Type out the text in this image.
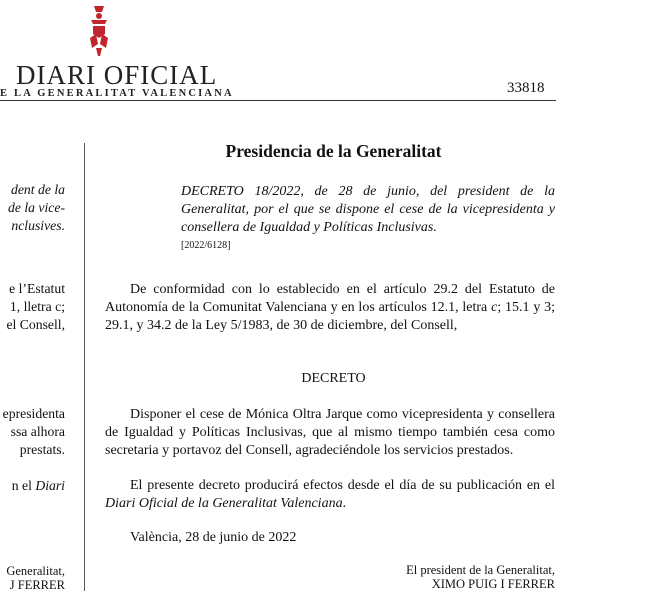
DIARI OFICIAL
E LA GENERALITAT VALENCIANA	33818
dent de la
de la vice-
nclusives.
e l’Estatut
1, lletra c;
el Consell,
epresidenta
ssa alhora
prestats.
n el Diari
Generalitat,
J FERRER
Presidencia de la Generalitat
DECRETO 18/2022, de 28 de junio, del president de la Generalitat, por el que se dispone el cese de la vicepresidenta y consellera de Igualdad y Políticas Inclusivas.
[2022/6128]
De conformidad con lo establecido en el artículo 29.2 del Estatuto de Autonomía de la Comunitat Valenciana y en los artículos 12.1, letra c; 15.1 y 3; 29.1, y 34.2 de la Ley 5/1983, de 30 de diciembre, del Consell,
DECRETO
Disponer el cese de Mónica Oltra Jarque como vicepresidenta y consellera de Igualdad y Políticas Inclusivas, que al mismo tiempo también cesa como secretaria y portavoz del Consell, agradeciéndole los servicios prestados.
El presente decreto producirá efectos desde el día de su publicación en el Diari Oficial de la Generalitat Valenciana.
València, 28 de junio de 2022
El president de la Generalitat,
XIMO PUIG I FERRER
